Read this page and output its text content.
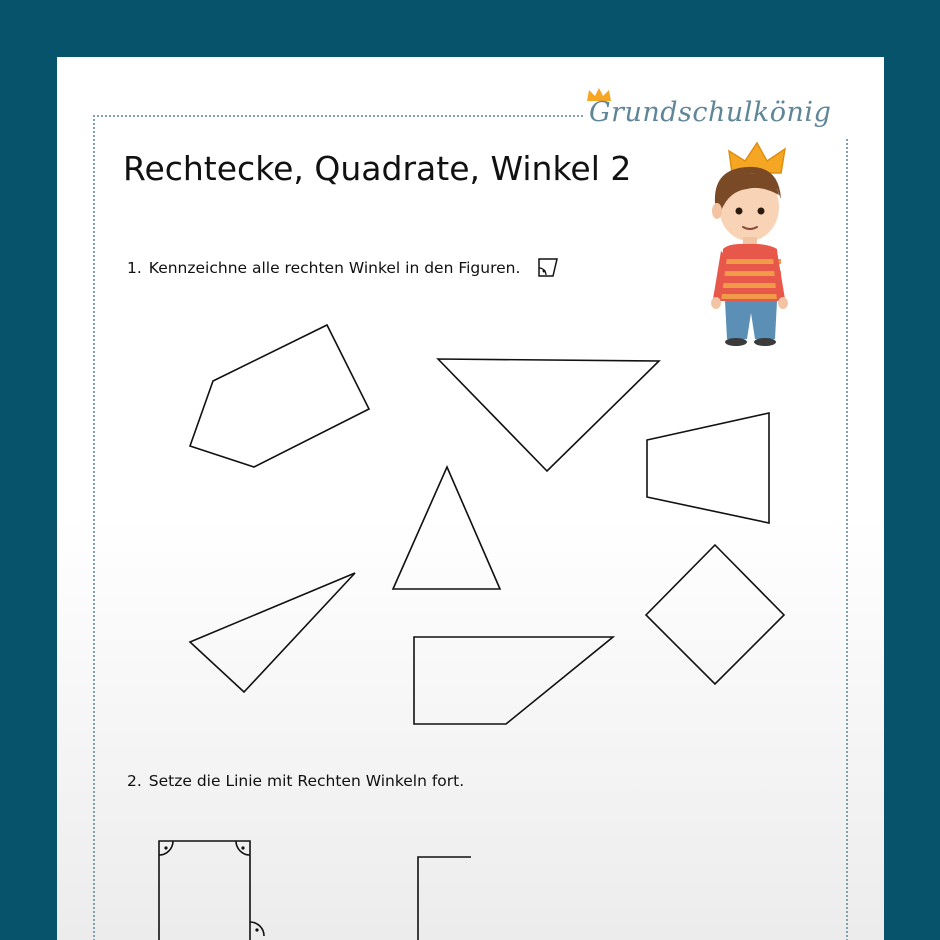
Grundschulkönig
Rechtecke, Quadrate, Winkel 2
1. Kennzeichne alle rechten Winkel in den Figuren.
2. Setze die Linie mit Rechten Winkeln fort.
